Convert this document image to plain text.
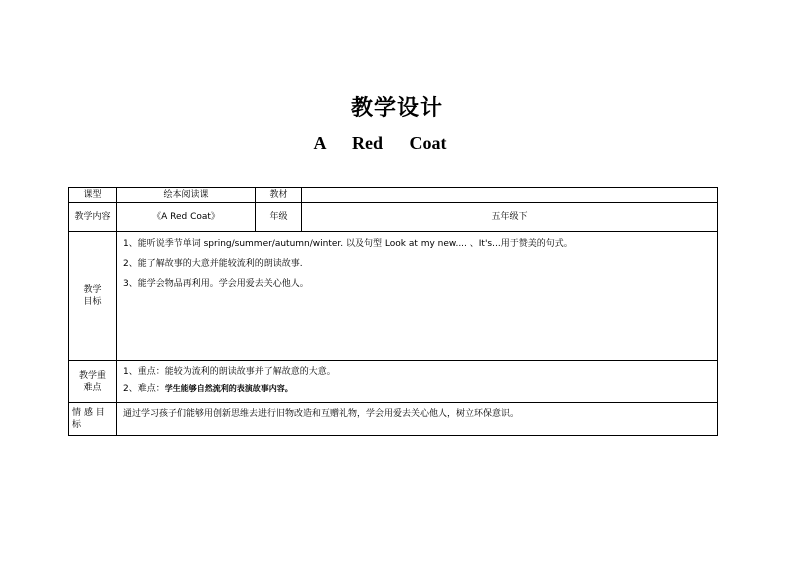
教学设计
A Red Coat
课型	绘本阅读课	教材	
教学内容	《A Red Coat》	年级	五年级下
教学目标	1、能听说季节单词 spring/summer/autumn/winter. 以及句型 Look at my new.... 、It's...用于赞美的句式。
2、能了解故事的大意并能较流利的朗读故事.
3、能学会物品再利用。学会用爱去关心他人。		

教学重难点	1、重点：能较为流利的朗读故事并了解故意的大意。
2、难点：学生能够自然流利的表演故事内容。		

情 感 目标	通过学习孩子们能够用创新思维去进行旧物改造和互赠礼物，学会用爱去关心他人，树立环保意识。		
